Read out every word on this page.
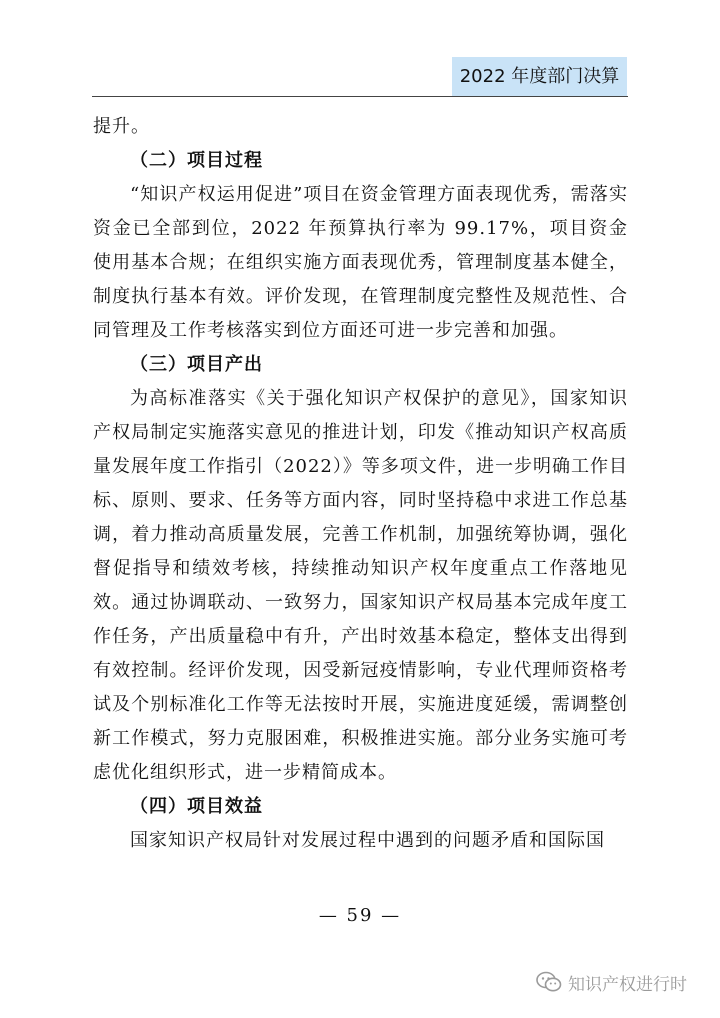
2022 年度部门决算

提升。

（二）项目过程

“知识产权运用促进”项目在资金管理方面表现优秀，需落实资金已全部到位，2022 年预算执行率为 99.17%，项目资金使用基本合规；在组织实施方面表现优秀，管理制度基本健全，制度执行基本有效。评价发现，在管理制度完整性及规范性、合同管理及工作考核落实到位方面还可进一步完善和加强。

（三）项目产出

为高标准落实《关于强化知识产权保护的意见》，国家知识产权局制定实施落实意见的推进计划，印发《推动知识产权高质量发展年度工作指引（2022）》等多项文件，进一步明确工作目标、原则、要求、任务等方面内容，同时坚持稳中求进工作总基调，着力推动高质量发展，完善工作机制，加强统筹协调，强化督促指导和绩效考核，持续推动知识产权年度重点工作落地见效。通过协调联动、一致努力，国家知识产权局基本完成年度工作任务，产出质量稳中有升，产出时效基本稳定，整体支出得到有效控制。经评价发现，因受新冠疫情影响，专业代理师资格考试及个别标准化工作等无法按时开展，实施进度延缓，需调整创新工作模式，努力克服困难，积极推进实施。部分业务实施可考虑优化组织形式，进一步精简成本。

（四）项目效益

国家知识产权局针对发展过程中遇到的问题矛盾和国际国

— 59 —
知识产权进行时
